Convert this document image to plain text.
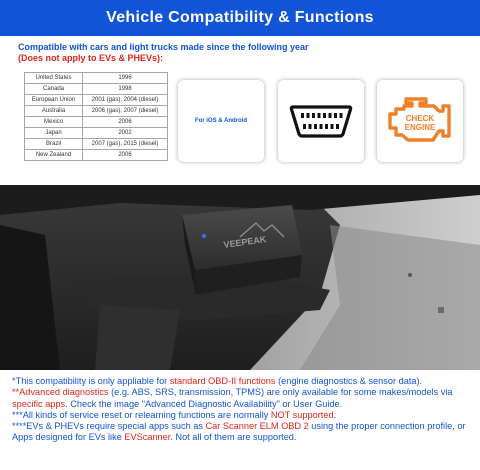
Vehicle Compatibility & Functions
Compatible with cars and light trucks made since the following year
(Does not apply to EVs & PHEVs):
United States	1996
Canada	1998
European Union	2001 (gas), 2004 (diesel)
Australia	2006 (gas), 2007 (diesel)
Mexico	2006
Japan	2002
Brazil	2007 (gas), 2015 (diesel)
New Zealand	2006
For iOS & Android	CHECK
ENGINE
VEEPEAK

*This compatibility is only appliable for standard OBD-II functions (engine diagnostics & sensor data).

**Advanced diagnostics (e.g. ABS, SRS, transmission, TPMS) are only available for some makes/models via specific apps. Check the image "Advanced Diagnostic Availability" or User Guide.

***All kinds of service reset or relearning functions are normally NOT supported.

****EVs & PHEVs require special apps such as Car Scanner ELM OBD 2 using the proper connection profile, or Apps designed for EVs like EVScanner. Not all of them are supported.
